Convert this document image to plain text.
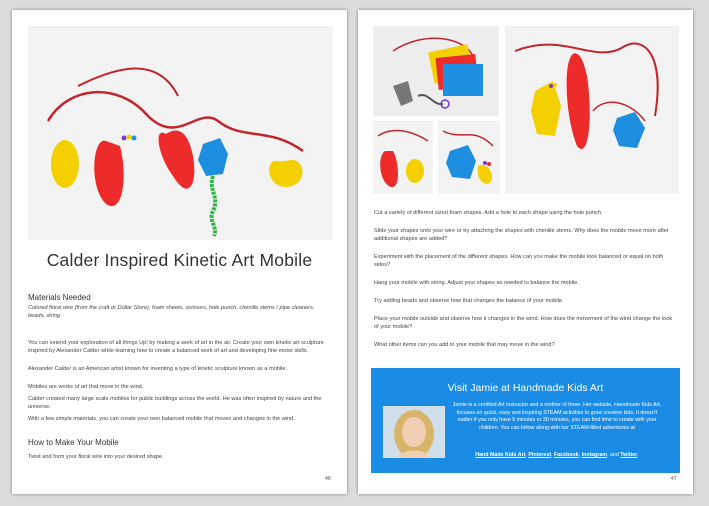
Calder Inspired Kinetic Art Mobile
Materials Needed

Colored floral wire (from the craft or Dollar Store), foam sheets, scissors, hole punch, chenille stems / pipe cleaners, beads, string

You can extend your exploration of all things Up! by making a work of art in the air. Create your own kinetic art sculpture inspired by Alexander Calder while learning how to create a balanced work of art and developing fine motor skills.

Alexander Calder is an American artist known for inventing a type of kinetic sculpture known as a mobile.

Mobiles are works of art that move in the wind.

Calder created many large scale mobiles for public buildings across the world. He was often inspired by nature and the universe.

With a few simple materials, you can create your own balanced mobile that moves and changes in the wind.

How to Make Your Mobile

Twist and form your floral wire into your desired shape.

46

Cut a variety of different sized foam shapes. Add a hole to each shape using the hole punch.

Slide your shapes onto your wire or try attaching the shapes with chenille stems. Why does the mobile move more after additional shapes are added?

Experiment with the placement of the different shapes. How can you make the mobile look balanced or equal on both sides?

Hang your mobile with string. Adjust your shapes as needed to balance the mobile.

Try adding beads and observe how that changes the balance of your mobile.

Place your mobile outside and observe how it changes in the wind. How does the movement of the wind change the look of your mobile?

What other items can you add to your mobile that may move in the wind?

Visit Jamie at Handmade Kids Art

Jamie is a certified Art Instructor and a mother of three. Her website, Handmade Kids Art, focuses on quick, easy and inspiring STEAM activities to grow creative kids. It doesn't matter if you only have 5 minutes or 30 minutes, you can find time to create with your children. You can follow along with her STEAM-filled adventures at

Hand Made Kids Art, Pinterest, Facebook, Instagram, and Twitter.
47
